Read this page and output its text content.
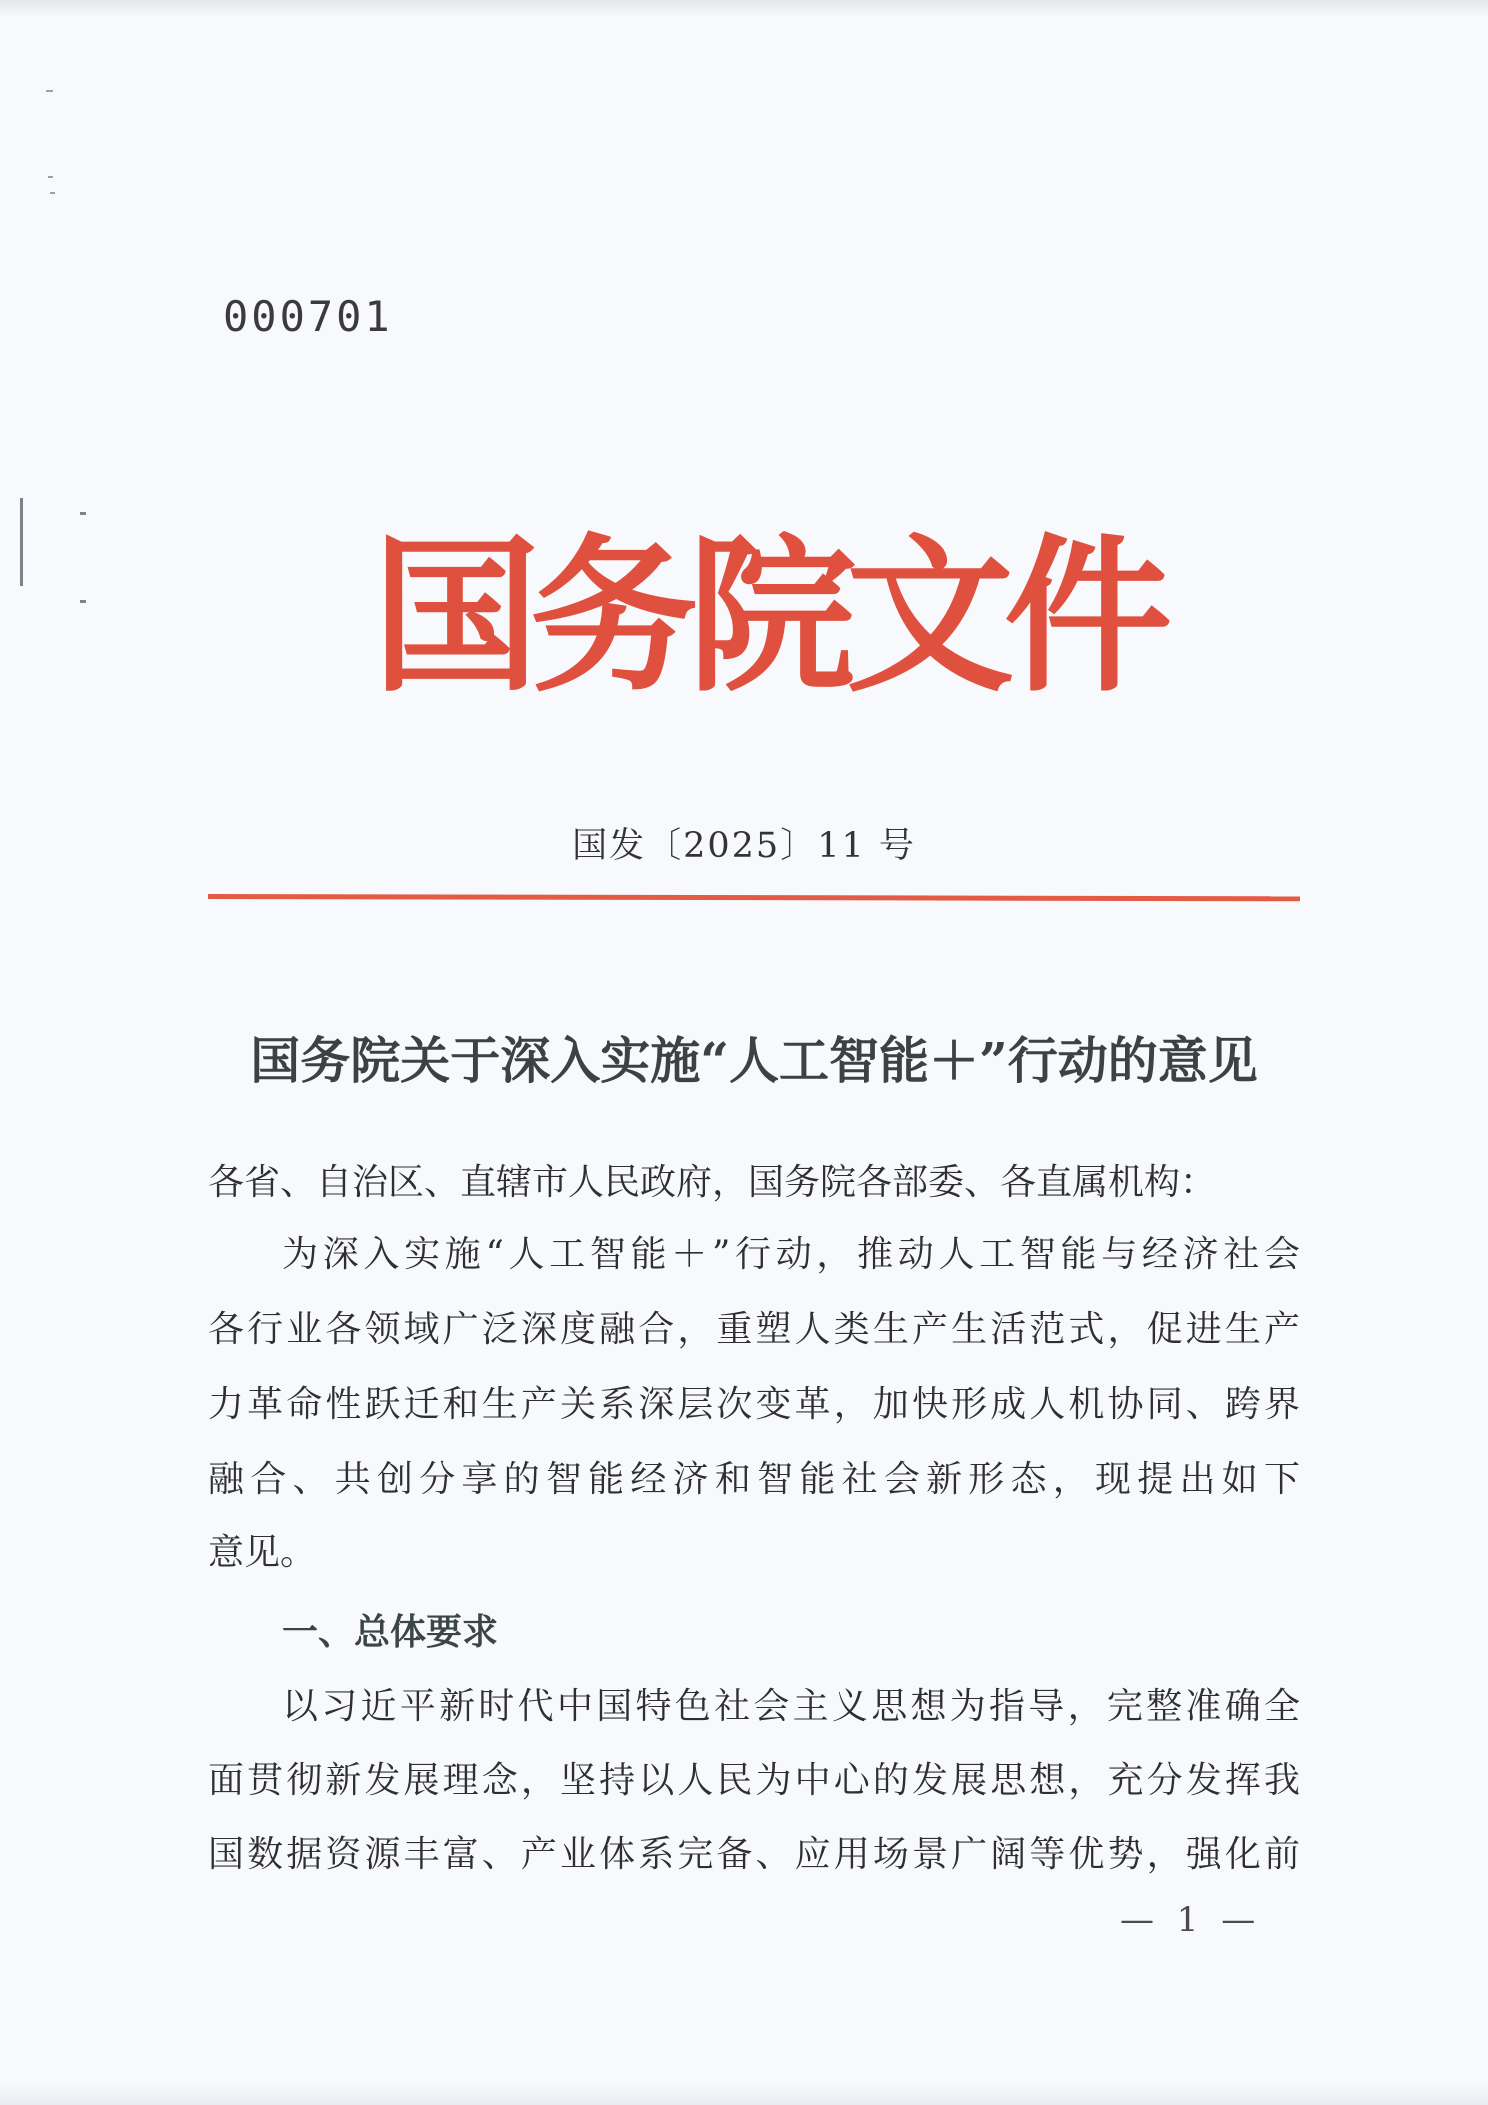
000701
国
务
院
文
件
国发〔2025〕11 号
国务院关于深入实施“人工智能＋”行动的意见
各省、自治区、直辖市人民政府，国务院各部委、各直属机构：
为深入实施“人工智能＋”行动，推动人工智能与经济社会
各行业各领域广泛深度融合，重塑人类生产生活范式，促进生产
力革命性跃迁和生产关系深层次变革，加快形成人机协同、跨界
融合、共创分享的智能经济和智能社会新形态，现提出如下
意见。
一、总体要求
以习近平新时代中国特色社会主义思想为指导，完整准确全
面贯彻新发展理念，坚持以人民为中心的发展思想，充分发挥我
国数据资源丰富、产业体系完备、应用场景广阔等优势，强化前
— 1 —
